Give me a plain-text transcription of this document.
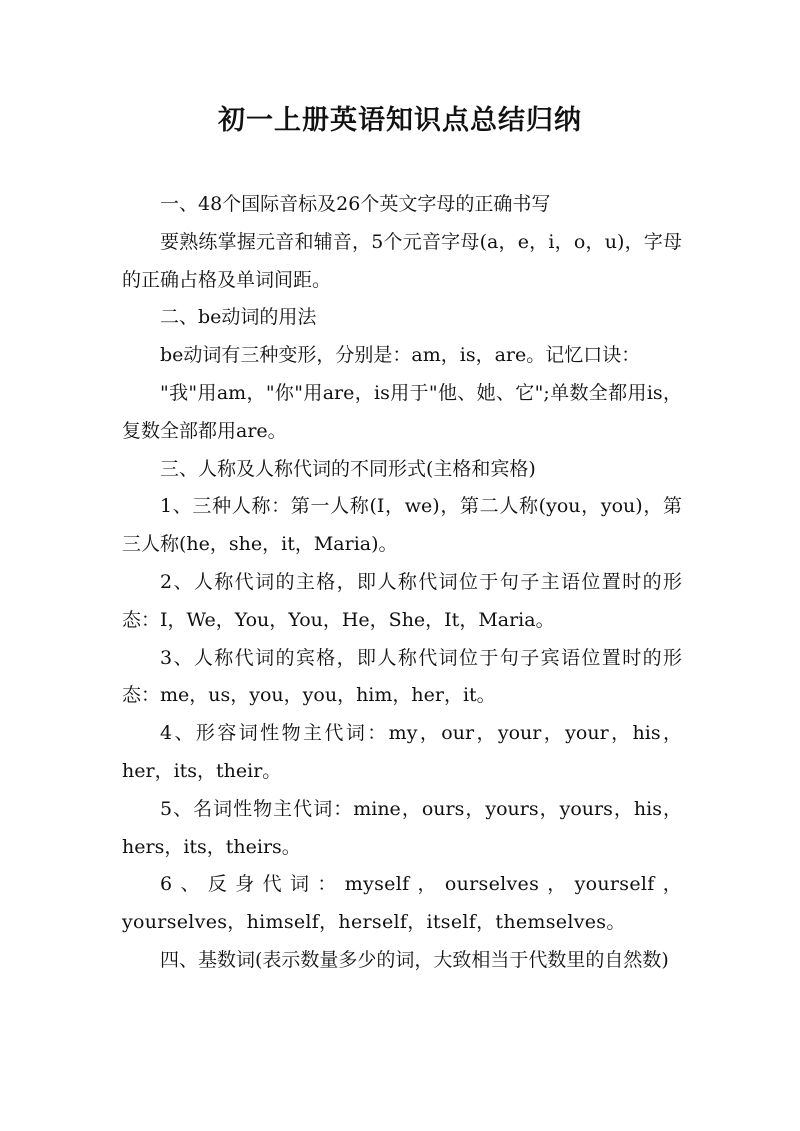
初一上册英语知识点总结归纳

一、48个国际音标及26个英文字母的正确书写

要熟练掌握元音和辅音，5个元音字母(a，e，i，o，u)，字母的正确占格及单词间距。

二、be动词的用法

be动词有三种变形，分别是：am，is，are。记忆口诀：

"我"用am，"你"用are，is用于"他、她、它";单数全都用is，复数全部都用are。

三、人称及人称代词的不同形式(主格和宾格)

1、三种人称：第一人称(I，we)，第二人称(you，you)，第三人称(he，she，it，Maria)。

2、人称代词的主格，即人称代词位于句子主语位置时的形态：I，We，You，You，He，She，It，Maria。

3、人称代词的宾格，即人称代词位于句子宾语位置时的形态：me，us，you，you，him，her，it。

4、形容词性物主代词：my，our，your，your，his，her，its，their。

5、名词性物主代词：mine，ours，yours，yours，his，hers，its，theirs。

6、反身代词：myself，ourselves，yourself，yourselves，himself，herself，itself，themselves。

四、基数词(表示数量多少的词，大致相当于代数里的自然数)
